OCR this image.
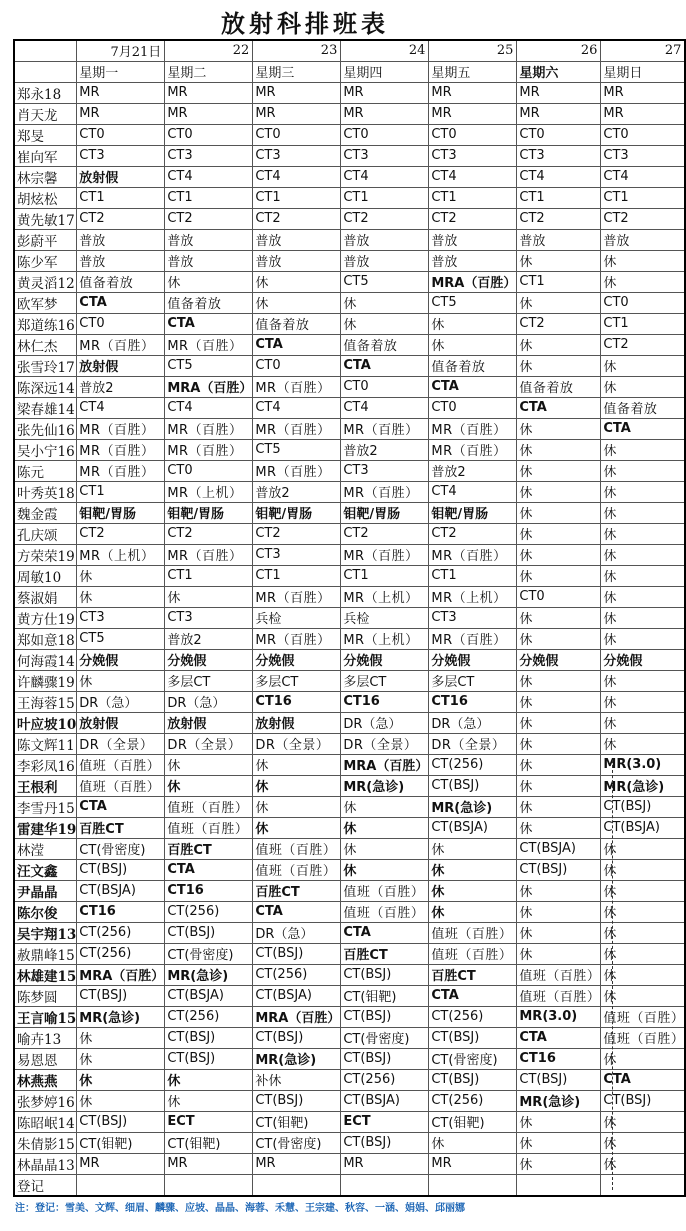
放射科排班表
	7月21日	22	23	24	25	26	27
	星期一	星期二	星期三	星期四	星期五	星期六	星期日
郑永18	MR	MR	MR	MR	MR	MR	MR
肖天龙	MR	MR	MR	MR	MR	MR	MR
郑旻	CT0	CT0	CT0	CT0	CT0	CT0	CT0
崔向军	CT3	CT3	CT3	CT3	CT3	CT3	CT3
林宗馨	放射假	CT4	CT4	CT4	CT4	CT4	CT4
胡炫松	CT1	CT1	CT1	CT1	CT1	CT1	CT1
黄先敏17	CT2	CT2	CT2	CT2	CT2	CT2	CT2
彭蔚平	普放	普放	普放	普放	普放	普放	普放
陈少军	普放	普放	普放	普放	普放	休	休
黄灵滔12	值备着放	休	休	CT5	MRA（百胜）	CT1	休
欧军梦	CTA	值备着放	休	休	CT5	休	CT0
郑道练16	CT0	CTA	值备着放	休	休	CT2	CT1
林仁杰	MR（百胜）	MR（百胜）	CTA	值备着放	休	休	CT2
张雪玲17	放射假	CT5	CT0	CTA	值备着放	休	休
陈深远14	普放2	MRA（百胜）	MR（百胜）	CT0	CTA	值备着放	休
梁春雄14	CT4	CT4	CT4	CT4	CT0	CTA	值备着放
张先仙16	MR（百胜）	MR（百胜）	MR（百胜）	MR（百胜）	MR（百胜）	休	CTA
吴小宁16	MR（百胜）	MR（百胜）	CT5	普放2	MR（百胜）	休	休
陈元	MR（百胜）	CT0	MR（百胜）	CT3	普放2	休	休
叶秀英18	CT1	MR（上机）	普放2	MR（百胜）	CT4	休	休
魏金霞	钼靶/胃肠	钼靶/胃肠	钼靶/胃肠	钼靶/胃肠	钼靶/胃肠	休	休
孔庆颂	CT2	CT2	CT2	CT2	CT2	休	休
方荣荣19	MR（上机）	MR（百胜）	CT3	MR（百胜）	MR（百胜）	休	休
周敏10	休	CT1	CT1	CT1	CT1	休	休
蔡淑娟	休	休	MR（百胜）	MR（上机）	MR（上机）	CT0	休
黄方仕19	CT3	CT3	兵检	兵检	CT3	休	休
郑如意18	CT5	普放2	MR（百胜）	MR（上机）	MR（百胜）	休	休
何海霞14	分娩假	分娩假	分娩假	分娩假	分娩假	分娩假	分娩假
许麟骤19	休	多层CT	多层CT	多层CT	多层CT	休	休
王海蓉15	DR（急）	DR（急）	CT16	CT16	CT16	休	休
叶应坡10	放射假	放射假	放射假	DR（急）	DR（急）	休	休
陈文辉11	DR（全景）	DR（全景）	DR（全景）	DR（全景）	DR（全景）	休	休
李彩凤16	值班（百胜）	休	休	MRA（百胜）	CT(256)	休	MR(3.0)
王根利	值班（百胜）	休	休	MR(急诊)	CT(BSJ)	休	MR(急诊)
李雪丹15	CTA	值班（百胜）	休	休	MR(急诊)	休	CT(BSJ)
雷建华19	百胜CT	值班（百胜）	休	休	CT(BSJA)	休	CT(BSJA)
林滢	CT(骨密度)	百胜CT	值班（百胜）	休	休	CT(BSJA)	休
汪文鑫	CT(BSJ)	CTA	值班（百胜）	休	休	CT(BSJ)	休
尹晶晶	CT(BSJA)	CT16	百胜CT	值班（百胜）	休	休	休
陈尔俊	CT16	CT(256)	CTA	值班（百胜）	休	休	休
吴宇翔13	CT(256)	CT(BSJ)	DR（急）	CTA	值班（百胜）	休	休
赦鼎峰15	CT(256)	CT(骨密度)	CT(BSJ)	百胜CT	值班（百胜）	休	休
林雄建15	MRA（百胜）	MR(急诊)	CT(256)	CT(BSJ)	百胜CT	值班（百胜）	休
陈梦圆	CT(BSJ)	CT(BSJA)	CT(BSJA)	CT(钼靶)	CTA	值班（百胜）	休
王言喻15	MR(急诊)	CT(256)	MRA（百胜）	CT(BSJ)	CT(256)	MR(3.0)	值班（百胜）
喻卉13	休	CT(BSJ)	CT(BSJ)	CT(骨密度)	CT(BSJ)	CTA	值班（百胜）
易恩恩	休	CT(BSJ)	MR(急诊)	CT(BSJ)	CT(骨密度)	CT16	休
林燕燕	休	休	补休	CT(256)	CT(BSJ)	CT(BSJ)	CTA
张梦婷16	休	休	CT(BSJ)	CT(BSJA)	CT(256)	MR(急诊)	CT(BSJ)
陈昭岷14	CT(BSJ)	ECT	CT(钼靶)	ECT	CT(钼靶)	休	休
朱倩影15	CT(钼靶)	CT(钼靶)	CT(骨密度)	CT(BSJ)	休	休	休
林晶晶13	MR	MR	MR	MR	MR	休	休
登记							
注：登记：雪美、文辉、细眉、麟骤、应坡、晶晶、海蓉、禾慧、王宗建、秋容、一涵、娟娟、邱丽娜
